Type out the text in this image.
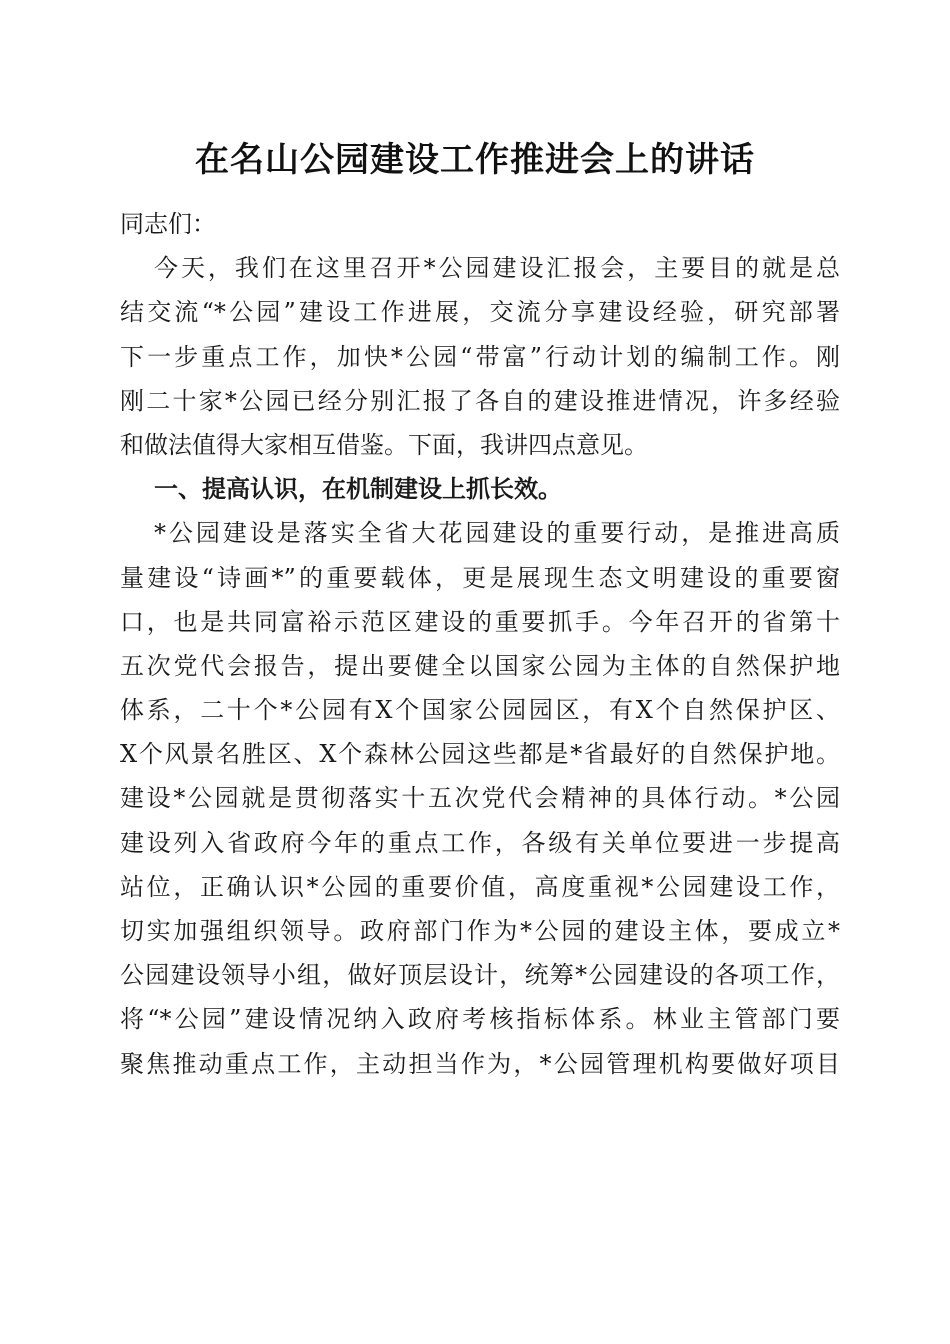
在名山公园建设工作推进会上的讲话
同志们：
今天，我们在这里召开*公园建设汇报会，主要目的就是总
结交流“*公园”建设工作进展，交流分享建设经验，研究部署
下一步重点工作，加快*公园“带富”行动计划的编制工作。刚
刚二十家*公园已经分别汇报了各自的建设推进情况，许多经验
和做法值得大家相互借鉴。下面，我讲四点意见。
一、提高认识，在机制建设上抓长效。
*公园建设是落实全省大花园建设的重要行动，是推进高质
量建设“诗画*”的重要载体，更是展现生态文明建设的重要窗
口，也是共同富裕示范区建设的重要抓手。今年召开的省第十
五次党代会报告，提出要健全以国家公园为主体的自然保护地
体系，二十个*公园有X个国家公园园区，有X个自然保护区、
X个风景名胜区、X个森林公园这些都是*省最好的自然保护地。
建设*公园就是贯彻落实十五次党代会精神的具体行动。*公园
建设列入省政府今年的重点工作，各级有关单位要进一步提高
站位，正确认识*公园的重要价值，高度重视*公园建设工作，
切实加强组织领导。政府部门作为*公园的建设主体，要成立*
公园建设领导小组，做好顶层设计，统筹*公园建设的各项工作，
将“*公园”建设情况纳入政府考核指标体系。林业主管部门要
聚焦推动重点工作，主动担当作为，*公园管理机构要做好项目
